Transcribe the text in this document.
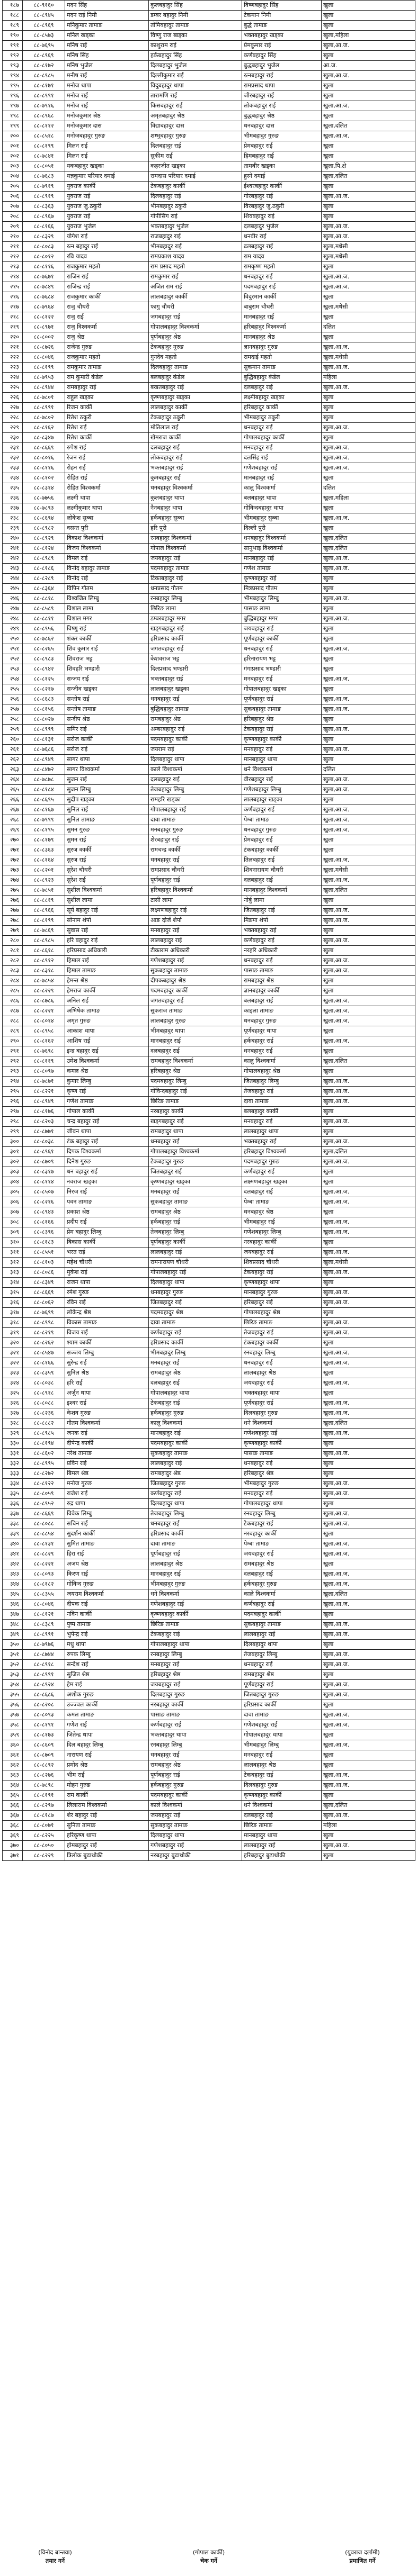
१८७	८८-९१६०	मदन सिंह	कुलबहादुर सिंह	विष्णबहादुर सिंह	खुला
१८८	८८-८९४५	मदन राई निमी	डम्बर बहादुर निमी	टेकमान निमी	खुला
१८९	८८-८९६९	मनिकुमार तामाङ	तोमिवहादुर तामाङ	बुद्धे तामाङ	खुला
१९०	८८-८५७३	मनिल खड्का	विष्णु राज खड्का	भक्तबहादुर खड्का	खुला,महिला
१९१	८८-७६९५	मनिष राई	काशुराम राई	प्रेमकुमार राई	खुला,आ.ज.
१९२	८८-८९६९	मनिष सिंह	हर्कबहादुर सिंह	कर्णबहादुर सिंह	खुला
१९३	८८-८१७२	मनिष भुजेल	दिलबहादुर भुजेल	बुद्धबहादुर भुजेल	आ.ज.
१९४	८८-८९८५	मनीष राई	दिल्लीकुमार राई	रत्नबहादुर राई	खुला,आ.ज.
१९५	८८-८१७१	मनोज थापा	विदुबहादुर थापा	रामप्रसाद थापा	खुला
१९६	८८-८९९१	मनोज राई	तारामणि राई	जीरबहादुर राई	खुला
१९७	८८-७९१६	मनोज राई	किसबहादुर राई	लोकबहादुर राई	खुला,आ.ज.
१९८	८८-८९६८	मनोजकुमार श्रेष्ठ	अमृतबहादुर श्रेष्ठ	बुद्धबहादुर श्रेष्ठ	खुला
१९९	८८-८११२	मनोजकुमार दास	विद्याबहादुर दास	धनबहादुर दास	खुला,दलित
२००	८८-८५१८	मनोजबहादुर गुरुङ	शम्भुबहादुर गुरुङ	भीमबहादुर गुरुङ	खुला,आ.ज.
२०१	८८-८१९९	मिलन राई	दिलबहादुर राई	प्रेमबहादुर राई	खुला
२०२	८८-७८४१	मिलन राई	सुकीम राई	हिमबहादुर राई	खुला
२०३	८८-८०५१	यकबहादुर खड्का	कहरजीत खड्का	तामबीर खड्का	खुला,पि.क्षे
२०४	८८-७६८३	यज्ञकुमार परियार दमाई	रामदास परियार दमाई	हुस्ने दमाई	खुला,दलित
२०५	८८-७९१९	युवराज कार्की	टेकबहादुर कार्की	ईश्वरबहादुर कार्की	खुला
२०६	८८-८९१९	युवराज राई	दिलबहादुर राई	गोरबहादुर राई	खुला,आ.ज.
२०७	८८-८३६३	युवराज जु.ठकुरी	भीमबहादुर ठकुरी	विरबहादुर जु.ठकुरी	खुला
२०८	८८-८९६७	युवराज राई	गोपीसिंग राई	शिवबहादुर राई	खुला
२०९	८८-८१६६	युवराज भुजेल	भक्तबहादुर भुजेल	दलबहादुर भुजेल	खुला,आ.ज.
२१०	८८-८३२९	योगेश राई	राजबहादुर राई	धनवीर राई	खुला,आ.ज.
२११	८८-८०८३	रत्न बहादुर राई	भीमबहादुर राई	ढलबहादुर राई	खुला,मधेसी
२१२	८८-८०१२	रवि यादव	रामप्रकाश यादव	राम यादव	खुला,मधेसी
२१३	८८-८११६	राजकुमार महतो	राम प्रसाद महतो	रामकृष्ण महतो	खुला
२१४	८८-७६७१	राजिन राई	रामकुमार राई	धनबहादुर राई	खुला,आ.ज.
२१५	८८-७८४९	राजिन्द्र राई	अजित राम राई	पदमबहादुर राई	खुला,आ.ज.
२१६	८८-७६८४	राजकुमार कार्की	लालबहादुर कार्की	विदुरमान कार्की	खुला
२१७	८८-७९६४	राजु चौधरी	फागु चौधरी	बाबुराम चौधरी	खुला,मधेसी
२१८	८८-८१२२	राजु राई	जगबहादुर राई	मानबहादुर राई	खुला
२१९	८८-८९७१	राजु विश्वकर्मा	गोपालबहादुर विश्वकर्मा	हरिबहादुर विश्वकर्मा	दलित
२२०	८८-८००२	राजु श्रेष्ठ	पूर्णबहादुर श्रेष्ठ	मानबहादुर श्रेष्ठ	खुला
२२१	८८-८७२६	राजेन्द्र गुरुङ	टेकबहादुर गुरुङ	ज्ञानबहादुर गुरुङ	खुला,आ.ज.
२२२	८८-८०४६	राजकुमार महतो	गुनदेव महतो	रामदाई महतो	खुला,मधेसी
२२३	८८-८१९९	रामकुमार तामाङ	दिलबहादुर तामाङ	सुकमान तामाङ	खुला,आ.ज.
२२४	८८-७९५३	राम कुमारी कंडेल	बलबहादुर कंडेल	बुद्धिबहादुर कंडेल	महिला
२२५	८८-८९४४	रामबहादुर राई	बखतबहादुर राई	दलबहादुर राई	खुला,आ.ज.
२२६	८८-७८०१	राहुल खड्का	कृष्णबहादुर खड्का	लक्ष्मीबहादुर खड्का	खुला
२२७	८८-८९९१	रिजन कार्की	लालबहादुर कार्की	हरिबहादुर कार्की	खुला
२२८	८८-७८०२	रितेश ठकुरी	टेकबहादुर ठकुरी	भीमबहादुर ठकुरी	खुला
२२९	८८-८१६२	रितेश राई	मोतिलाल राई	धनबहादुर राई	खुला,आ.ज.
२३०	८८-८३४७	रितेश कार्की	खेमराज कार्की	गोपालबहादुर कार्की	खुला
२३१	८८-८६६९	रुपेश राई	दलबहादुर राई	मनबहादुर राई	खुला,आ.ज.
२३२	८८-८०१६	रेजन राई	लोकबहादुर राई	दलसिंह राई	खुला,आ.ज.
२३३	८८-८११६	रोहन राई	भक्तबहादुर राई	गणेशबहादुर राई	खुला,आ.ज.
२३४	८८-८१०२	रोहित राई	कुमबहादुर राई	मानबहादुर राई	खुला
२३५	८८-८३१४	रोहित विश्वकर्मा	धनबहादुर विश्वकर्मा	कालु विश्वकर्मा	दलित
२३६	८८-७७५६	लक्ष्मी थापा	कुलबहादुर थापा	बलबहादुर थापा	खुला,महिला
२३७	८८-७८९३	लक्ष्मीकुमार थापा	नैनबहादुर थापा	गोविन्दबहादुर थापा	खुला
२३८	८८-८६९४	लोकेश सुब्बा	हर्कबहादुर सुब्बा	भीमबहादुर सुब्बा	खुला,आ.ज.
२३९	८८-८९८२	वसन्त पुरी	हरि पुरी	दिल्ली पुरी	खुला
२४०	८८-८९२९	विकाश विश्वकर्मा	रनबहादुर विश्वकर्मा	धनबहादुर विश्वकर्मा	खुला,दलित
२४१	८८-८१२४	विजय विश्वकर्मा	गोपाल विश्वकर्मा	सानुभाइ विश्वकर्मा	खुला,दलित
२४२	८८-८९८९	विमल राई	जयबहादुर राई	मानबहादुर राई	खुला,आ.ज.
२४३	८८-८१८६	विनोद बहादुर तामाङ	पदमबहादुर तामाङ	गणेश तामाङ	खुला,आ.ज.
२४४	८८-८२८९	विनोद राई	टिकाबहादुर राई	कृष्णबहादुर राई	खुला
२४५	८८-८३६४	विपिन गौतम	धनप्रसाद गौतम	मित्रप्रसाद गौतम	खुला
२४६	८८-८८१८	विश्वजित लिम्बु	रनबहादुर लिम्बु	भीमबहादुर लिम्बु	खुला,आ.ज.
२४७	८८-८५८९	विशाल लामा	छिरिङ लामा	पासाङ लामा	खुला
२४८	८८-८८११	विशाल मगर	डम्बरबहादुर मगर	बुद्धिबहादुर मगर	खुला,आ.ज.
२४९	८८-८९५६	विष्णु राई	खड्गबहादुर राई	जयबहादुर राई	खुला
२५०	८८-७८६२	शंकर कार्की	हरिप्रसाद कार्की	पूर्णबहादुर कार्की	खुला
२५१	८८-८२६५	शिव कुमार राई	जगतबहादुर राई	धनबहादुर राई	खुला,आ.ज.
२५२	८८-८९८३	शिवराज भट्ट	केशवराज भट्ट	हरिनारायण भट्ट	खुला
२५३	८८-८९४२	शिवहरि भण्डारी	दिलप्रसाद भण्डारी	गंगाप्रसाद भण्डारी	खुला
२५४	८८-८१२५	सन्जय राई	भक्तबहादुर राई	मनबहादुर राई	खुला,आ.ज.
२५५	८८-८२१७	सन्जीव खड्का	लालबहादुर खड्का	गोपालबहादुर खड्का	खुला
२५६	८८-८६८३	सन्तोष राई	धनबहादुर राई	पूर्णबहादुर राई	खुला,आ.ज.
२५७	८८-८१५६	सन्तोष तामाङ	बुद्धिबहादुर तामाङ	सुकबहादुर तामाङ	खुला,आ.ज.
२५८	८८-८०२७	सन्दीप श्रेष्ठ	रामबहादुर श्रेष्ठ	हरिबहादुर श्रेष्ठ	खुला
२५९	८८-८९९९	समिर राई	अम्बरबहादुर राई	टेकबहादुर राई	खुला,आ.ज.
२६०	८८-८१३१	सरोज कार्की	पदमबहादुर कार्की	कृष्णबहादुर कार्की	खुला
२६१	८८-७६८६	सरोज राई	जयराम राई	मनबहादुर राई	खुला,आ.ज.
२६२	८८-८९४९	सागर थापा	दिलबहादुर थापा	मानबहादुर थापा	खुला
२६३	८८-८४७२	सागर विश्वकर्मा	काले विश्वकर्मा	धने विश्वकर्मा	दलित
२६४	८८-७८७८	सुजन राई	दलबहादुर राई	वीरबहादुर राई	खुला,आ.ज.
२६५	८८-८१८४	सुजन लिम्बु	तेजबहादुर लिम्बु	गणेशबहादुर लिम्बु	खुला,आ.ज.
२६६	८८-८६९५	सुदीप खड्का	रामहरि खड्का	लालबहादुर खड्का	खुला
२६७	८८-८१६७	सुनिल राई	गोपालबहादुर राई	कर्णबहादुर राई	खुला,आ.ज.
२६८	८८-७९९९	सुनिल तामाङ	दावा तामाङ	पेम्बा तामाङ	खुला,आ.ज.
२६९	८८-८१९५	सुमन गुरुङ	मनबहादुर गुरुङ	धनबहादुर गुरुङ	खुला,आ.ज.
२७०	८८-८१७९	सुमन राई	शेरबहादुर राई	प्रेमबहादुर राई	खुला
२७१	८८-८३६३	सुरज कार्की	रामचन्द्र कार्की	टंकबहादुर कार्की	खुला
२७२	८८-८१६४	सुरज राई	धनबहादुर राई	तिलबहादुर राई	खुला,आ.ज.
२७३	८८-८२०१	सुरेश चौधरी	रामप्रसाद चौधरी	शिवनारायण चौधरी	खुला,मधेसी
२७४	८८-८९२३	सुरेश राई	पूर्णबहादुर राई	दलबहादुर राई	खुला,आ.ज.
२७५	८८-७८५१	सुशील विश्वकर्मा	हरिबहादुर विश्वकर्मा	मानबहादुर विश्वकर्मा	खुला,दलित
२७६	८८-८८१९	सुशील लामा	टासी लामा	नोर्बु लामा	खुला
२७७	८८-८९६६	सूर्य बहादुर राई	लक्ष्मणबहादुर राई	जितबहादुर राई	खुला,आ.ज.
२७८	८८-८१९९	सोनाम शेर्पा	आङ दोर्जे शेर्पा	मिङमा शेर्पा	खुला,आ.ज.
२७९	८८-७८६९	सुवास राई	मनबहादुर राई	भक्तबहादुर राई	खुला
२८०	८८-८९८५	हरि बहादुर राई	लालबहादुर राई	कर्णबहादुर राई	खुला,आ.ज.
२८१	८८-८६१८	हरिप्रसाद अधिकारी	टीकाराम अधिकारी	नरहरि अधिकारी	खुला
२८२	८८-८९१२	हिमाल राई	गणेशबहादुर राई	धनबहादुर राई	खुला,आ.ज.
२८३	८८-८३१८	हिमाल तामाङ	सुकबहादुर तामाङ	पासाङ तामाङ	खुला,आ.ज.
२८४	८८-७८५४	हेमन्त श्रेष्ठ	दीपकबहादुर श्रेष्ठ	रामबहादुर श्रेष्ठ	खुला
२८५	८८-८२२९	हेमराज कार्की	पदमबहादुर कार्की	ज्ञानबहादुर कार्की	खुला
२८६	८८-८७८६	अनिल राई	जगतबहादुर राई	बलबहादुर राई	खुला,आ.ज.
२८७	८८-८२२१	अभिषेक तामाङ	सुकराज तामाङ	काइला तामाङ	खुला,आ.ज.
२८८	८८-८०१४	अमृत गुरुङ	लालबहादुर गुरुङ	धनबहादुर गुरुङ	खुला,आ.ज.
२८९	८८-८९५८	आकाश थापा	भीमबहादुर थापा	पूर्णबहादुर थापा	खुला
२९०	८८-८१६२	आशिष राई	मानबहादुर राई	हर्कबहादुर राई	खुला,आ.ज.
२९१	८८-७६९८	इन्द्र बहादुर राई	दलबहादुर राई	धनबहादुर राई	खुला
२९२	८८-८११९	उमेश विश्वकर्मा	रामबहादुर विश्वकर्मा	कालु विश्वकर्मा	खुला,दलित
२९३	८८-८०९७	कमल श्रेष्ठ	हरिबहादुर श्रेष्ठ	गोपालबहादुर श्रेष्ठ	खुला
२९४	८८-७८७१	कुमार लिम्बु	पदमबहादुर लिम्बु	जितबहादुर लिम्बु	खुला,आ.ज.
२९५	८८-८२२१	कृष्ण राई	गोविन्दबहादुर राई	तेजबहादुर राई	खुला,आ.ज.
२९६	८८-८९४९	गणेश तामाङ	छिरिङ तामाङ	दावा तामाङ	खुला,आ.ज.
२९७	८८-८१७६	गोपाल कार्की	नरबहादुर कार्की	बलबहादुर कार्की	खुला
२९८	८८-८२०३	चन्द्र बहादुर राई	खड्गबहादुर राई	मनबहादुर राई	खुला,आ.ज.
२९९	८८-८७७१	जीवन थापा	रामबहादुर थापा	लालबहादुर थापा	खुला
३००	८८-८०३८	टंक बहादुर राई	धनबहादुर राई	भक्तबहादुर राई	खुला,आ.ज.
३०१	८८-८९६१	दिपक विश्वकर्मा	गोपालबहादुर विश्वकर्मा	हरिबहादुर विश्वकर्मा	खुला,दलित
३०२	८८-८७०९	दिनेश गुरुङ	टेकबहादुर गुरुङ	पदमबहादुर गुरुङ	खुला,आ.ज.
३०३	८८-८३१७	धन बहादुर राई	जितबहादुर राई	कर्णबहादुर राई	खुला
३०४	८८-८११४	नवराज खड्का	कृष्णबहादुर खड्का	लक्ष्मणबहादुर खड्का	खुला
३०५	८८-८५०७	निरज राई	मनबहादुर राई	दलबहादुर राई	खुला,आ.ज.
३०६	८८-८२१६	पवन तामाङ	सुकबहादुर तामाङ	पेम्बा तामाङ	खुला,आ.ज.
३०७	८८-८९४३	प्रकाश श्रेष्ठ	रामबहादुर श्रेष्ठ	धनबहादुर श्रेष्ठ	खुला
३०८	८८-८१६६	प्रदीप राई	हर्कबहादुर राई	भीमबहादुर राई	खुला,आ.ज.
३०९	८८-८३९६	प्रेम बहादुर लिम्बु	तेजबहादुर लिम्बु	गणेशबहादुर लिम्बु	खुला,आ.ज.
३१०	८८-८१८३	बिकास कार्की	पूर्णबहादुर कार्की	नरबहादुर कार्की	खुला
३११	८८-८५५१	भरत राई	लालबहादुर राई	जयबहादुर राई	खुला,आ.ज.
३१२	८८-८१०३	महेश चौधरी	रामनारायण चौधरी	शिवप्रसाद चौधरी	खुला,मधेसी
३१३	८८-८०८६	मुकेश राई	गोपालबहादुर राई	टेकबहादुर राई	खुला,आ.ज.
३१४	८८-८३४९	राजन थापा	दिलबहादुर थापा	कृष्णबहादुर थापा	खुला
३१५	८८-८६६९	रमेश गुरुङ	धनबहादुर गुरुङ	मानबहादुर गुरुङ	खुला,आ.ज.
३१६	८८-८०६२	रविन राई	जितबहादुर राई	हरिबहादुर राई	खुला,आ.ज.
३१७	८८-७६९९	लोकेन्द्र श्रेष्ठ	पदमबहादुर श्रेष्ठ	गोपालबहादुर श्रेष्ठ	खुला
३१८	८८-८९९८	विकास तामाङ	दावा तामाङ	छिरिङ तामाङ	खुला,आ.ज.
३१९	८८-८२१९	विजय राई	कर्णबहादुर राई	तेजबहादुर राई	खुला,आ.ज.
३२०	८८-८२६२	श्याम कार्की	हरिप्रसाद कार्की	टंकबहादुर कार्की	खुला
३२१	८८-८५४७	सञ्जय लिम्बु	भीमबहादुर लिम्बु	रनबहादुर लिम्बु	खुला,आ.ज.
३२२	८८-८१६६	सुरेन्द्र राई	मनबहादुर राई	धनबहादुर राई	खुला,आ.ज.
३२३	८८-८३५९	सुनिल श्रेष्ठ	रामबहादुर श्रेष्ठ	लालबहादुर श्रेष्ठ	खुला
३२४	८८-८०३८	हरि राई	दलबहादुर राई	जयबहादुर राई	खुला,आ.ज.
३२५	८८-८९१८	अर्जुन थापा	गोपालबहादुर थापा	भक्तबहादुर थापा	खुला
३२६	८८-८०८८	इश्वर राई	टेकबहादुर राई	पूर्णबहादुर राई	खुला,आ.ज.
३२७	८८-८२३६	केशव गुरुङ	हर्कबहादुर गुरुङ	दिलबहादुर गुरुङ	खुला,आ.ज.
३२८	८८-८८८२	गौतम विश्वकर्मा	कालु विश्वकर्मा	धने विश्वकर्मा	खुला,दलित
३२९	८८-८९८५	जनक राई	मानबहादुर राई	गणेशबहादुर राई	खुला,आ.ज.
३३०	८८-८१९४	दीपेन्द्र कार्की	पदमबहादुर कार्की	कृष्णबहादुर कार्की	खुला
३३१	८८-८६०२	नरेश तामाङ	सुकबहादुर तामाङ	पासाङ तामाङ	खुला,आ.ज.
३३२	८८-८९९५	प्रविन राई	लालबहादुर राई	धनबहादुर राई	खुला
३३३	८८-८२७२	बिमल श्रेष्ठ	रामबहादुर श्रेष्ठ	हरिबहादुर श्रेष्ठ	खुला
३३४	८८-८१२२	मनोज गुरुङ	जितबहादुर गुरुङ	भीमबहादुर गुरुङ	खुला,आ.ज.
३३५	८८-८०५९	राजेश राई	कर्णबहादुर राई	मनबहादुर राई	खुला,आ.ज.
३३६	८८-८९५२	रुद्र थापा	दिलबहादुर थापा	गोपालबहादुर थापा	खुला
३३७	८८-८६६९	विवेक लिम्बु	तेजबहादुर लिम्बु	रनबहादुर लिम्बु	खुला,आ.ज.
३३८	८८-८०८८	सचिन राई	धनबहादुर राई	टेकबहादुर राई	खुला,आ.ज.
३३९	८८-८८५४	सुदर्शन कार्की	हरिप्रसाद कार्की	नरबहादुर कार्की	खुला
३४०	८८-८१३१	सुमित तामाङ	दावा तामाङ	पेम्बा तामाङ	खुला,आ.ज.
३४१	८८-८८२९	हिरा राई	पूर्णबहादुर राई	जयबहादुर राई	खुला,आ.ज.
३४२	८८-८२२१	अजय श्रेष्ठ	लालबहादुर श्रेष्ठ	रामबहादुर श्रेष्ठ	खुला
३४३	८८-८०९३	किरण राई	मानबहादुर राई	दलबहादुर राई	खुला,आ.ज.
३४४	८८-८१८२	गोविन्द गुरुङ	भीमबहादुर गुरुङ	हर्कबहादुर गुरुङ	खुला,आ.ज.
३४५	८८-८३५५	जयराम विश्वकर्मा	धने विश्वकर्मा	काले विश्वकर्मा	खुला,दलित
३४६	८८-८०४६	दीपक राई	गणेशबहादुर राई	कर्णबहादुर राई	खुला,आ.ज.
३४७	८८-८१२१	नविन कार्की	कृष्णबहादुर कार्की	पदमबहादुर कार्की	खुला
३४८	८८-८३८९	पुष्प तामाङ	छिरिङ तामाङ	सुकबहादुर तामाङ	खुला,आ.ज.
३४९	८८-८९९१	भुपेन्द्र राई	टेकबहादुर राई	लालबहादुर राई	खुला,आ.ज.
३५०	८८-७९७६	मधु थापा	गोपालबहादुर थापा	दिलबहादुर थापा	खुला
३५१	८८-८७४४	रुपक लिम्बु	रनबहादुर लिम्बु	तेजबहादुर लिम्बु	खुला,आ.ज.
३५२	८८-८९१८	सन्देश राई	मनबहादुर राई	धनबहादुर राई	खुला,आ.ज.
३५३	८८-८९९१	सुजित श्रेष्ठ	हरिबहादुर श्रेष्ठ	रामबहादुर श्रेष्ठ	खुला
३५४	८८-८९२४	हेम राई	जयबहादुर राई	पूर्णबहादुर राई	खुला,आ.ज.
३५५	८८-८६८६	अशोक गुरुङ	दिलबहादुर गुरुङ	जितबहादुर गुरुङ	खुला,आ.ज.
३५६	८८-८२०८	उज्ज्वल कार्की	नरबहादुर कार्की	हरिप्रसाद कार्की	खुला
३५७	८८-८०९३	कमल तामाङ	पासाङ तामाङ	दावा तामाङ	खुला,आ.ज.
३५८	८८-८१९१	गणेश राई	कर्णबहादुर राई	गणेशबहादुर राई	खुला,आ.ज.
३५९	८८-८१७३	जितेन्द्र थापा	भक्तबहादुर थापा	गोपालबहादुर थापा	खुला
३६०	८८-८६०९	दिल बहादुर लिम्बु	रनबहादुर लिम्बु	भीमबहादुर लिम्बु	खुला,आ.ज.
३६१	८८-८७०९	नारायण राई	धनबहादुर राई	मनबहादुर राई	खुला
३६२	८८-८८९२	प्रमोद श्रेष्ठ	रामबहादुर श्रेष्ठ	लालबहादुर श्रेष्ठ	खुला
३६३	८८-८२७६	भीम राई	पूर्णबहादुर राई	टेकबहादुर राई	खुला,आ.ज.
३६४	८८-७८९८	मोहन गुरुङ	हर्कबहादुर गुरुङ	दिलबहादुर गुरुङ	खुला,आ.ज.
३६५	८८-८१९१	राम कार्की	पदमबहादुर कार्की	कृष्णबहादुर कार्की	खुला
३६६	८८-८२९७	लिलाराम विश्वकर्मा	काले विश्वकर्मा	धने विश्वकर्मा	खुला,दलित
३६७	८८-८१८७	शेर बहादुर राई	जयबहादुर राई	दलबहादुर राई	खुला,आ.ज.
३६८	८८-८०७१	सुनिता तामाङ	सुकबहादुर तामाङ	छिरिङ तामाङ	महिला
३६९	८८-८२२५	हरिकृष्ण थापा	दिलबहादुर थापा	मानबहादुर थापा	खुला
३७०	८८-८०५०	होमबहादुर राई	गणेशबहादुर राई	लालबहादुर राई	खुला,आ.ज.
३७१	८८-८२२९	त्रिलोक बुढाथोकी	नरबहादुर बुढाथोकी	हरिबहादुर बुढाथोकी	खुला
(विनोद बान्तवा)
तयार गर्ने
(गोपाल कार्की)
चेक गर्ने
(युवराज दर्लामी)
प्रमाणित गर्ने
